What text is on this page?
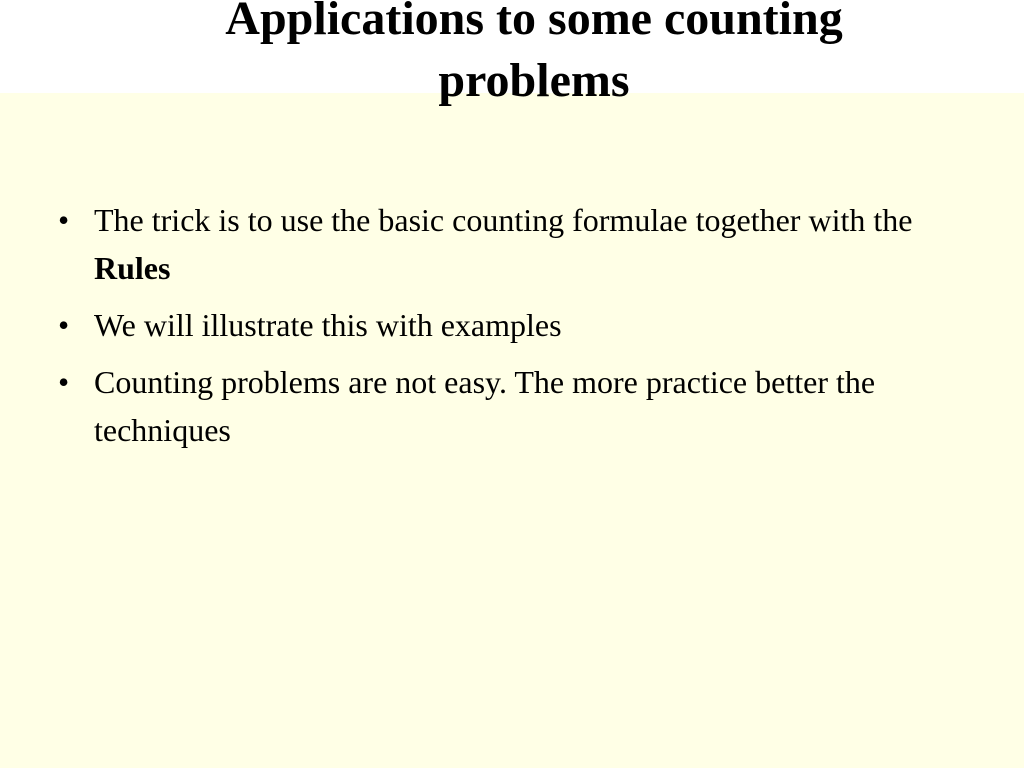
Applications to some counting
problems
• The trick is to use the basic counting formulae together with the Rules
• We will illustrate this with examples
• Counting problems are not easy. The more practice better the techniques
